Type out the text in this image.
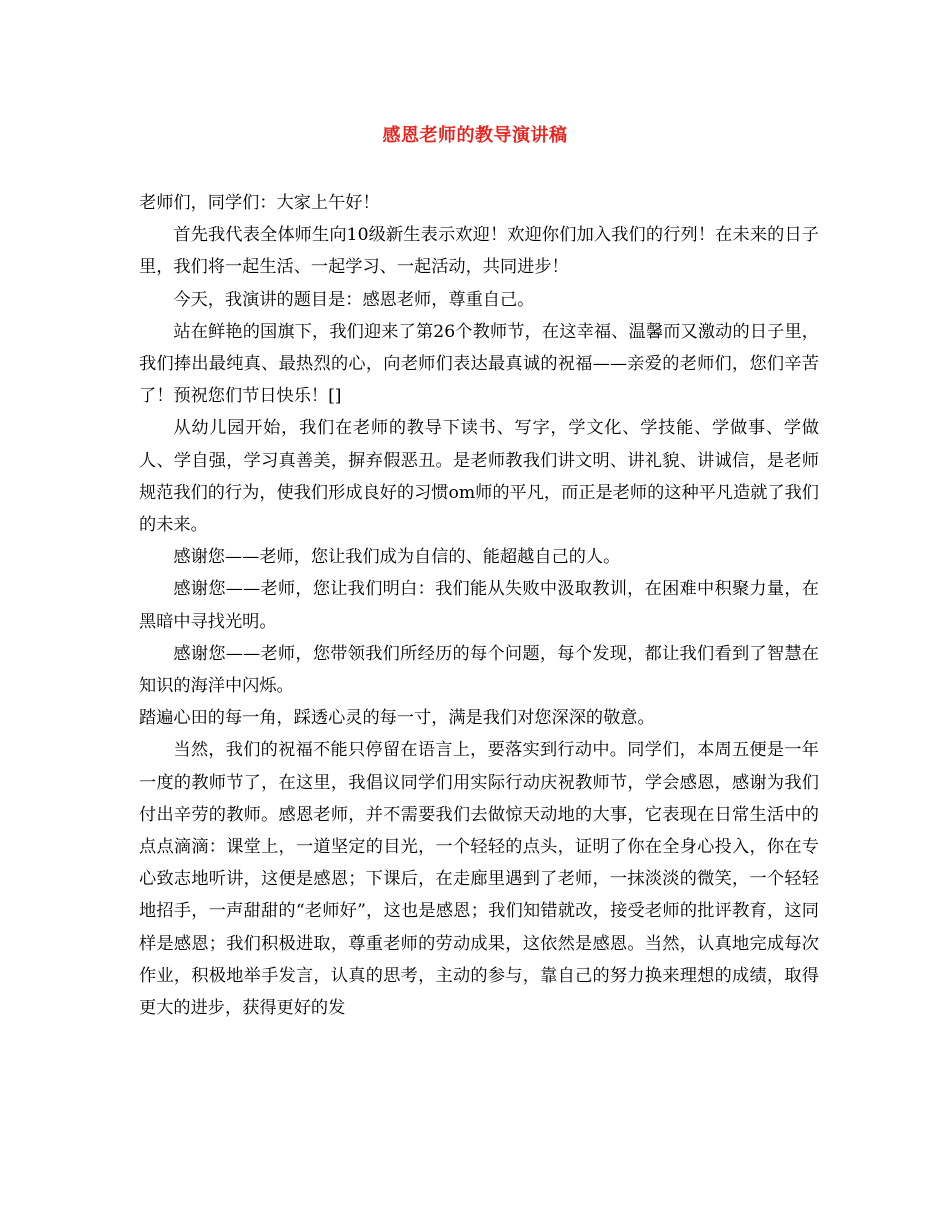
感恩老师的教导演讲稿

老师们，同学们：大家上午好！

首先我代表全体师生向10级新生表示欢迎！欢迎你们加入我们的行列！在未来的日子里，我们将一起生活、一起学习、一起活动，共同进步！

今天，我演讲的题目是：感恩老师，尊重自己。

站在鲜艳的国旗下，我们迎来了第26个教师节，在这幸福、温馨而又激动的日子里，我们捧出最纯真、最热烈的心，向老师们表达最真诚的祝福——亲爱的老师们，您们辛苦了！预祝您们节日快乐！[]

从幼儿园开始，我们在老师的教导下读书、写字，学文化、学技能、学做事、学做人、学自强，学习真善美，摒弃假恶丑。是老师教我们讲文明、讲礼貌、讲诚信，是老师规范我们的行为，使我们形成良好的习惯om师的平凡，而正是老师的这种平凡造就了我们的未来。

感谢您——老师，您让我们成为自信的、能超越自己的人。

感谢您——老师，您让我们明白：我们能从失败中汲取教训，在困难中积聚力量，在黑暗中寻找光明。

感谢您——老师，您带领我们所经历的每个问题，每个发现，都让我们看到了智慧在知识的海洋中闪烁。

踏遍心田的每一角，踩透心灵的每一寸，满是我们对您深深的敬意。

当然，我们的祝福不能只停留在语言上，要落实到行动中。同学们，本周五便是一年一度的教师节了，在这里，我倡议同学们用实际行动庆祝教师节，学会感恩，感谢为我们付出辛劳的教师。感恩老师，并不需要我们去做惊天动地的大事，它表现在日常生活中的点点滴滴：课堂上，一道坚定的目光，一个轻轻的点头，证明了你在全身心投入，你在专心致志地听讲，这便是感恩；下课后，在走廊里遇到了老师，一抹淡淡的微笑，一个轻轻地招手，一声甜甜的“老师好”，这也是感恩；我们知错就改，接受老师的批评教育，这同样是感恩；我们积极进取，尊重老师的劳动成果，这依然是感恩。当然，认真地完成每次作业，积极地举手发言，认真的思考，主动的参与，靠自己的努力换来理想的成绩，取得更大的进步，获得更好的发
